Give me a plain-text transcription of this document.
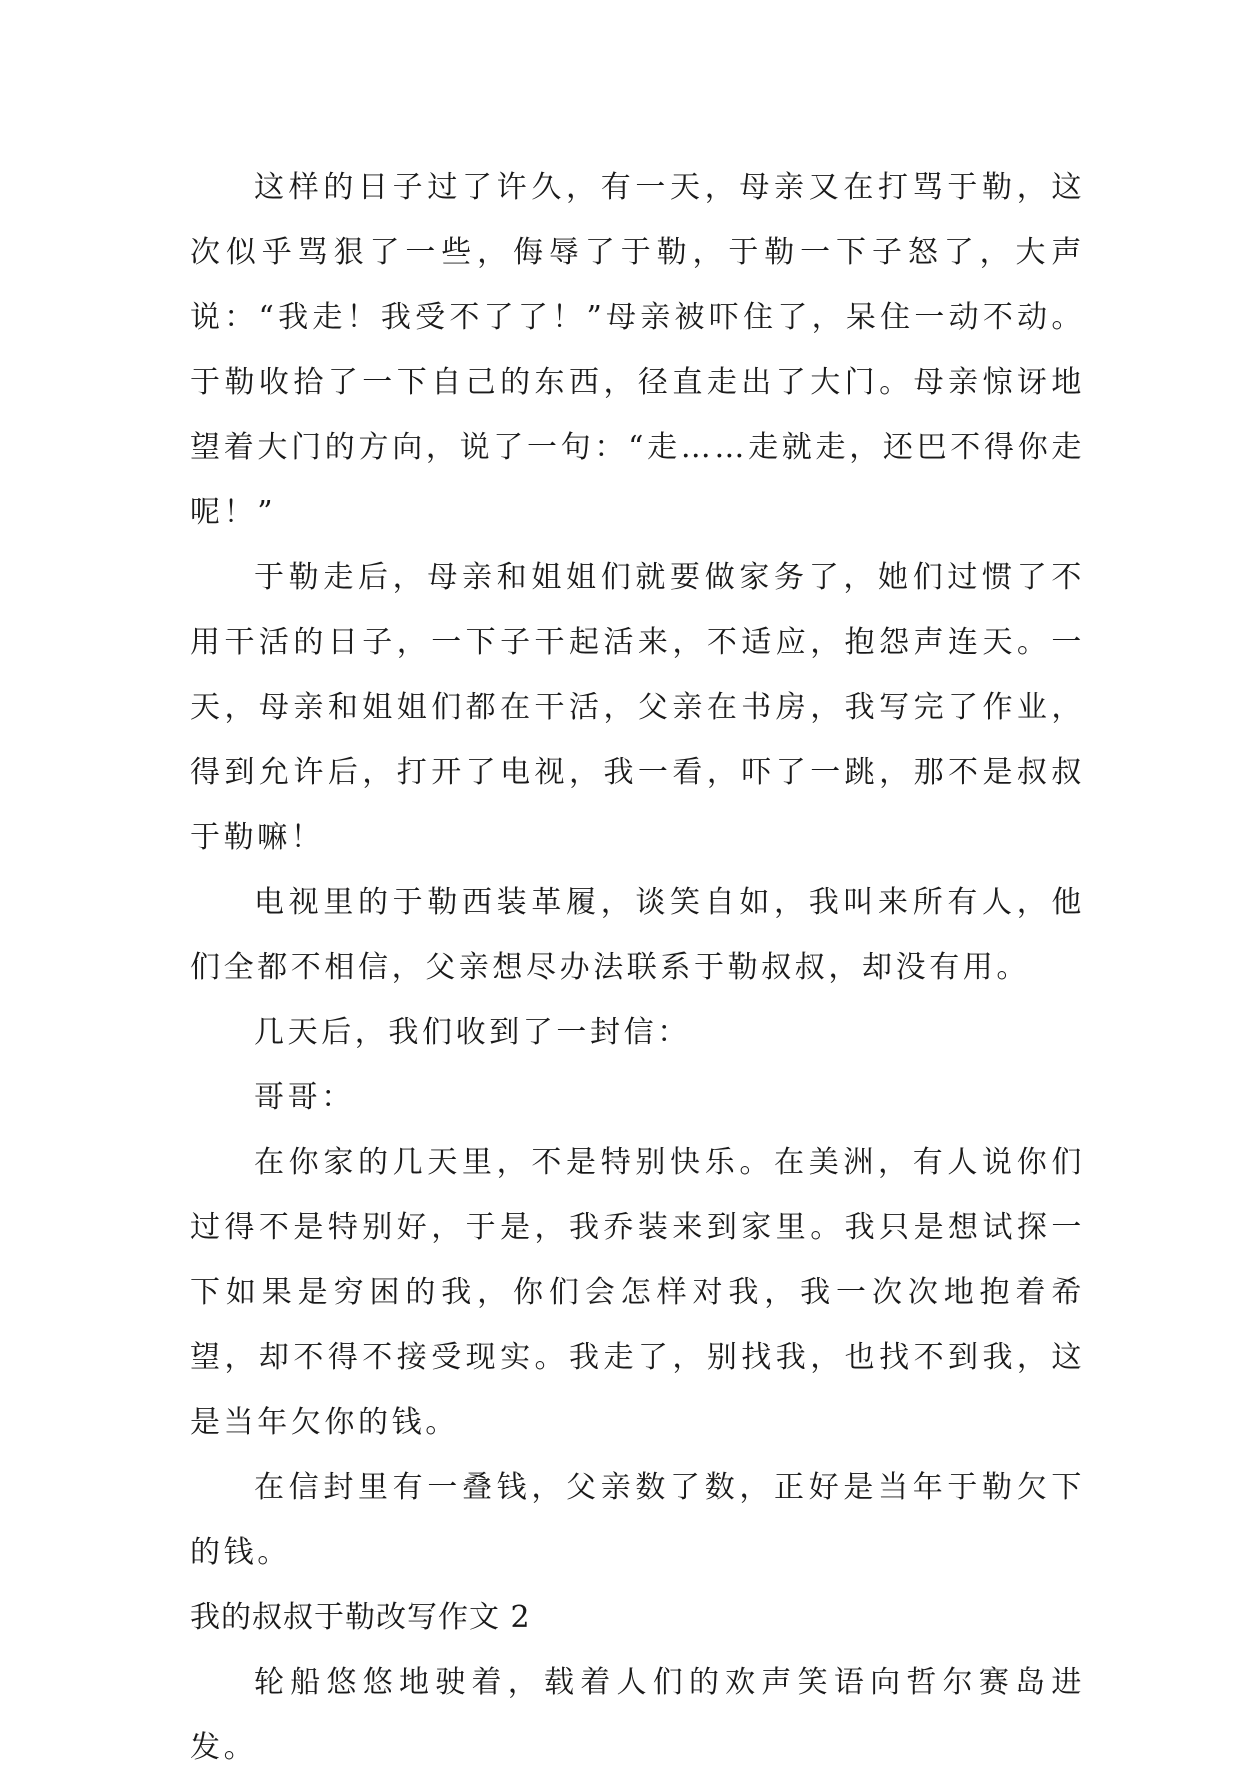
这样的日子过了许久，有一天，母亲又在打骂于勒，这次似乎骂狠了一些，侮辱了于勒，于勒一下子怒了，大声说：“我走！我受不了了！”母亲被吓住了，呆住一动不动。于勒收拾了一下自己的东西，径直走出了大门。母亲惊讶地望着大门的方向，说了一句：“走……走就走，还巴不得你走呢！”

于勒走后，母亲和姐姐们就要做家务了，她们过惯了不用干活的日子，一下子干起活来，不适应，抱怨声连天。一天，母亲和姐姐们都在干活，父亲在书房，我写完了作业，得到允许后，打开了电视，我一看，吓了一跳，那不是叔叔于勒嘛！

电视里的于勒西装革履，谈笑自如，我叫来所有人，他们全都不相信，父亲想尽办法联系于勒叔叔，却没有用。

几天后，我们收到了一封信：

哥哥：

在你家的几天里，不是特别快乐。在美洲，有人说你们过得不是特别好，于是，我乔装来到家里。我只是想试探一下如果是穷困的我，你们会怎样对我，我一次次地抱着希望，却不得不接受现实。我走了，别找我，也找不到我，这是当年欠你的钱。

在信封里有一叠钱，父亲数了数，正好是当年于勒欠下的钱。

我的叔叔于勒改写作文 2

轮船悠悠地驶着，载着人们的欢声笑语向哲尔赛岛进发。
